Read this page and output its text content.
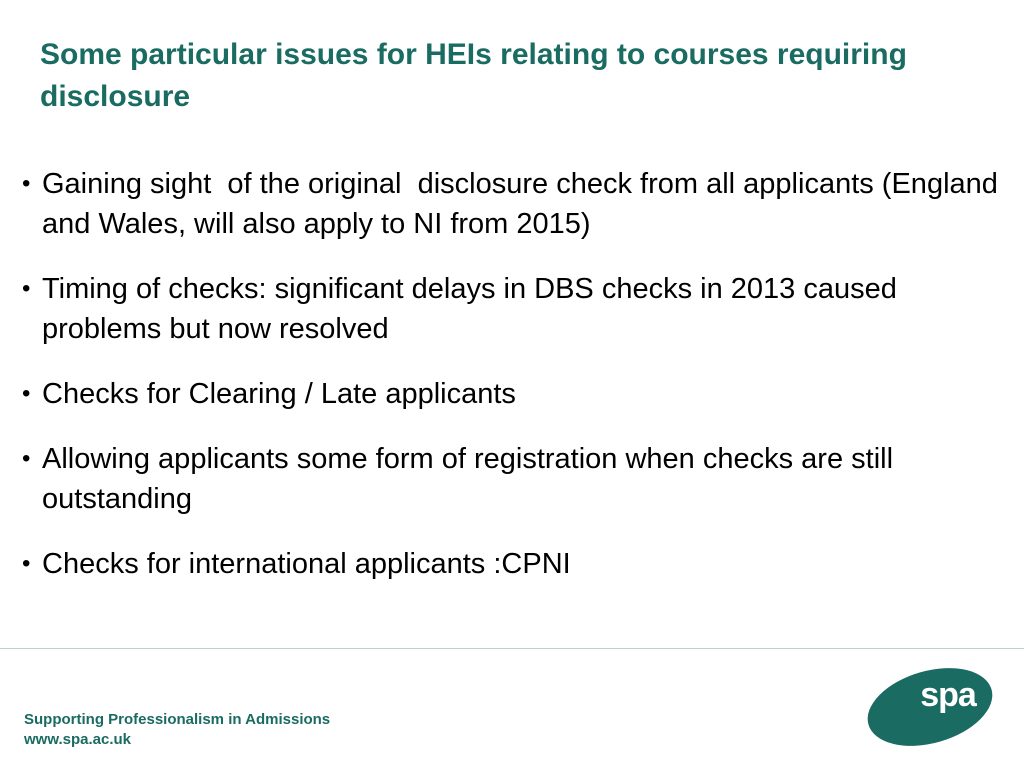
Some particular issues for HEIs relating to courses requiring disclosure
• Gaining sight  of the original  disclosure check from all applicants (England and Wales, will also apply to NI from 2015)
• Timing of checks: significant delays in DBS checks in 2013 caused problems but now resolved
• Checks for Clearing / Late applicants
• Allowing applicants some form of registration when checks are still outstanding
• Checks for international applicants :CPNI
Supporting Professionalism in Admissions
www.spa.ac.uk
spa
